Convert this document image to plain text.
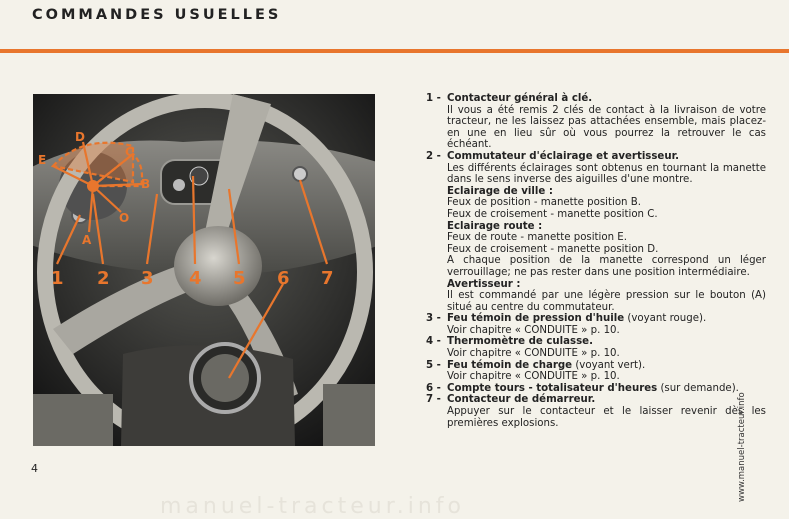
COMMANDES USUELLES
D
C
E
B
O
A
1 2 3 4 5 6 7
1 - Contacteur général à clé.

Il vous a été remis 2 clés de contact à la livraison de votre tracteur, ne les laissez pas attachées ensemble, mais placez-en une en lieu sûr où vous pourrez la retrouver le cas échéant.

2 - Commutateur d'éclairage et avertisseur.

Les différents éclairages sont obtenus en tournant la manette dans le sens inverse des aiguilles d'une montre.

Eclairage de ville :

Feux de position - manette position B.

Feux de croisement - manette position C.

Eclairage route :

Feux de route - manette position E.

Feux de croisement - manette position D.

A chaque position de la manette correspond un léger verrouillage; ne pas rester dans une position intermédiaire.

Avertisseur :

Il est commandé par une légère pression sur le bouton (A) situé au centre du commutateur.

3 - Feu témoin de pression d'huile (voyant rouge).

Voir chapitre « CONDUITE » p. 10.

4 - Thermomètre de culasse.

Voir chapitre « CONDUITE » p. 10.

5 - Feu témoin de charge (voyant vert).

Voir chapitre « CONDUITE » p. 10.

6 - Compte tours - totalisateur d'heures (sur demande).
7 - Contacteur de démarreur.

Appuyer sur le contacteur et le laisser revenir dès les premières explosions.

4	www.manuel-tracteur.info
manuel-tracteur.info
